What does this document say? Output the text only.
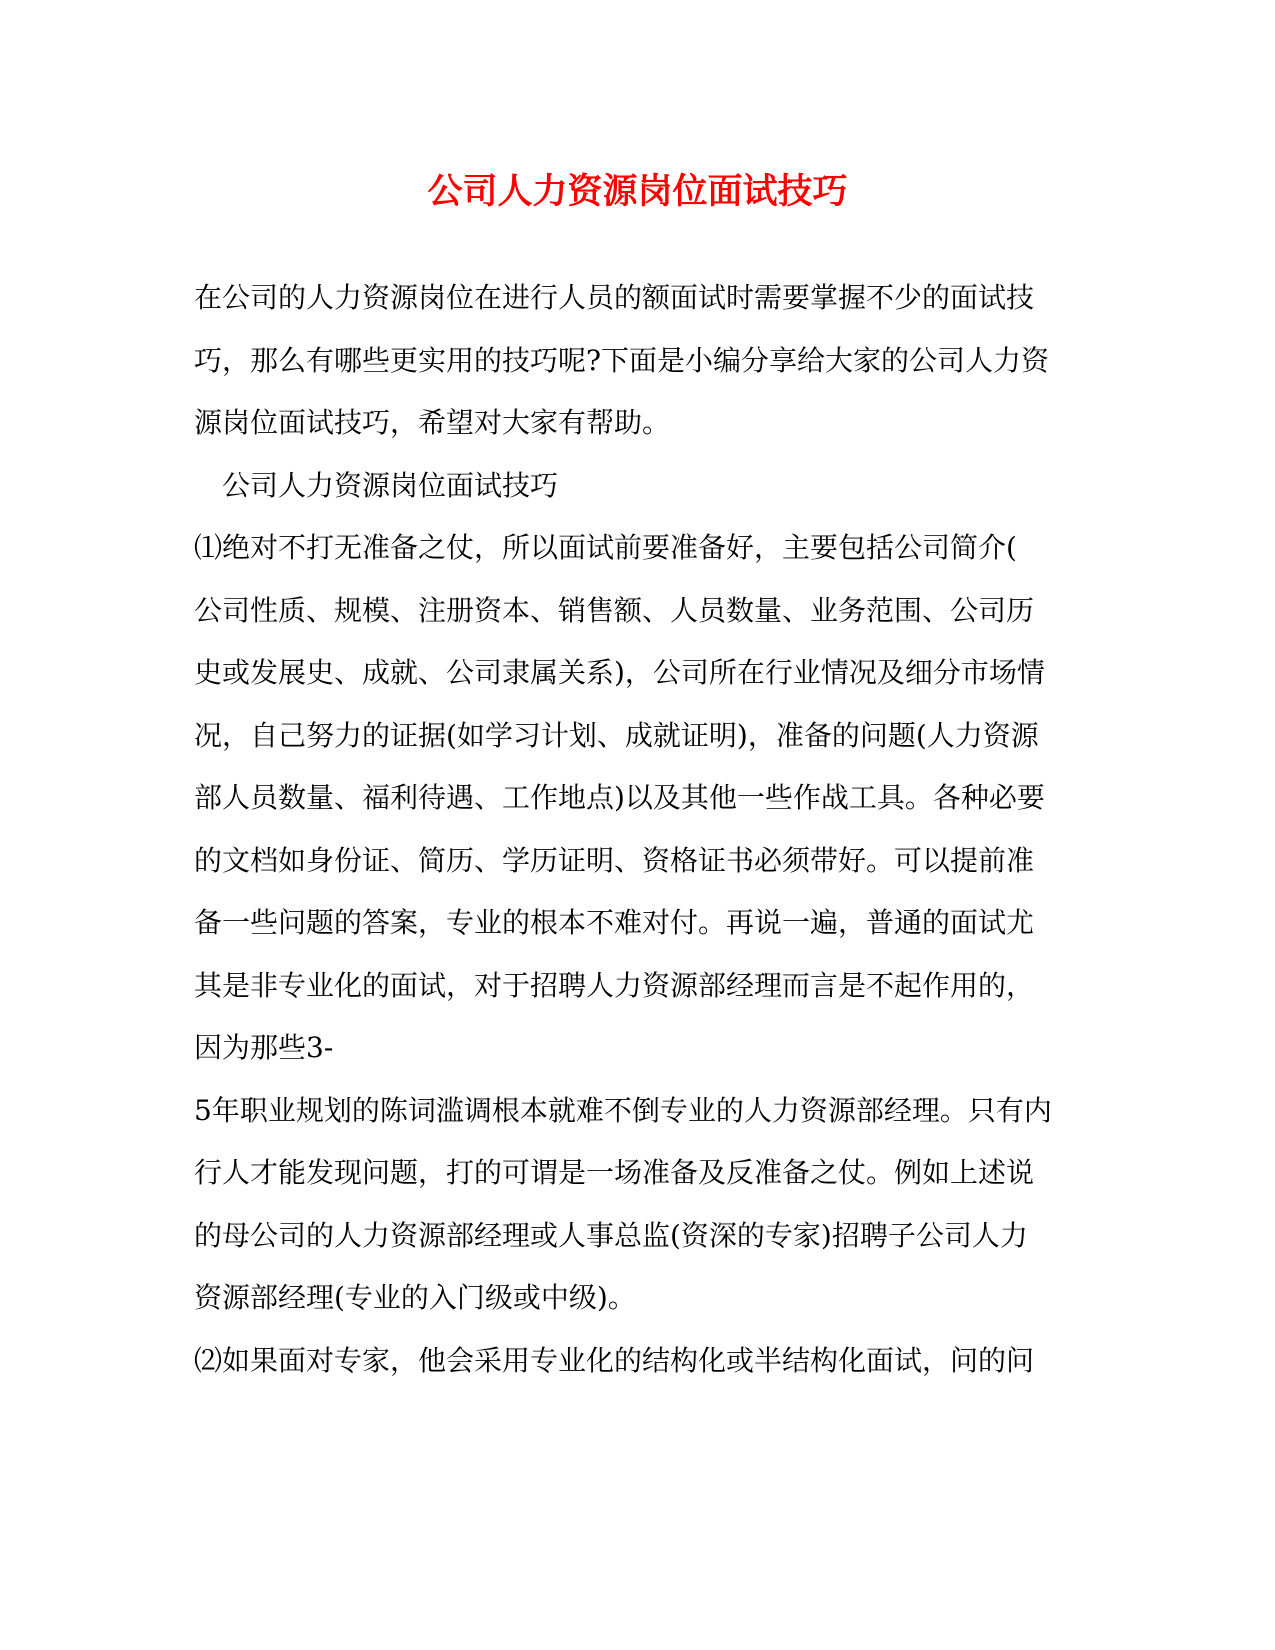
公司人力资源岗位面试技巧

在公司的人力资源岗位在进行人员的额面试时需要掌握不少的面试技

巧，那么有哪些更实用的技巧呢?下面是小编分享给大家的公司人力资

源岗位面试技巧，希望对大家有帮助。

公司人力资源岗位面试技巧

⑴绝对不打无准备之仗，所以面试前要准备好，主要包括公司简介(

公司性质、规模、注册资本、销售额、人员数量、业务范围、公司历

史或发展史、成就、公司隶属关系)，公司所在行业情况及细分市场情

况，自己努力的证据(如学习计划、成就证明)，准备的问题(人力资源

部人员数量、福利待遇、工作地点)以及其他一些作战工具。各种必要

的文档如身份证、简历、学历证明、资格证书必须带好。可以提前准

备一些问题的答案，专业的根本不难对付。再说一遍，普通的面试尤

其是非专业化的面试，对于招聘人力资源部经理而言是不起作用的，

因为那些3-

5年职业规划的陈词滥调根本就难不倒专业的人力资源部经理。只有内

行人才能发现问题，打的可谓是一场准备及反准备之仗。例如上述说

的母公司的人力资源部经理或人事总监(资深的专家)招聘子公司人力

资源部经理(专业的入门级或中级)。

⑵如果面对专家，他会采用专业化的结构化或半结构化面试，问的问
